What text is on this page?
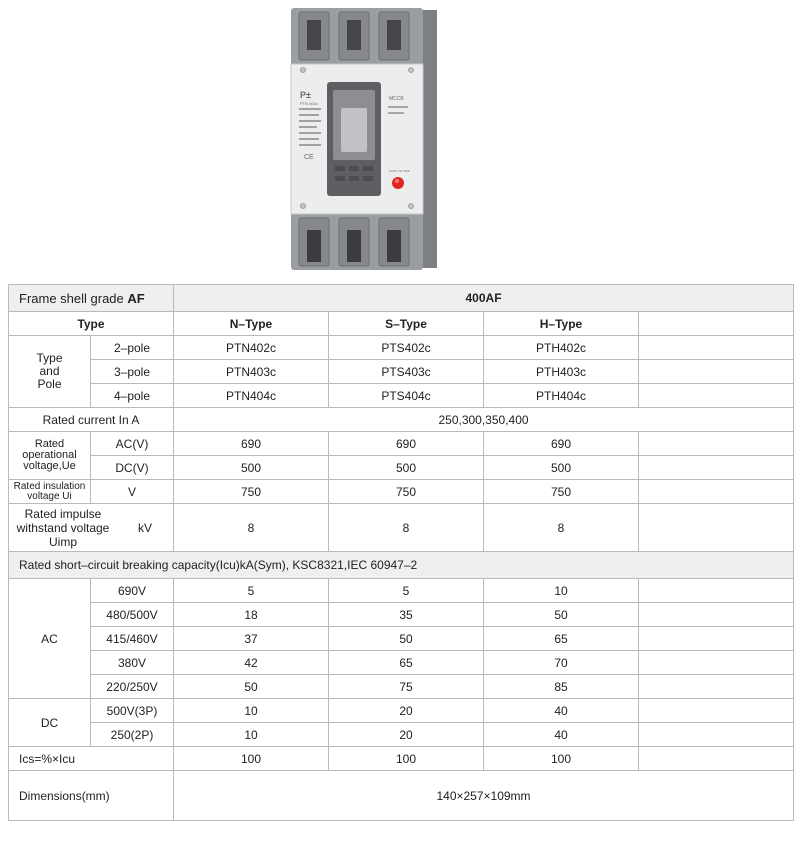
P±
PTN 400c
CE
MCCB
PUSH TO TRIP
Frame shell grade AF		400AF			
Type		N–Type	S–Type	H–Type	
Type
and
Pole	2–pole	PTN402c	PTS402c	PTH402c	
	3–pole	PTN403c	PTS403c	PTH403c	
	4–pole	PTN404c	PTS404c	PTH404c	
Rated current In A		250,300,350,400			
Rated operational voltage,Ue	AC(V)	690	690	690	
	DC(V)	500	500	500	
Rated insulation voltage Ui	V	750	750	750	

Rated impulse withstand voltage Uimp
kV		8	8	8	
Rated short–circuit breaking capacity(Icu)kA(Sym), KSC8321,IEC 60947–2					
AC	690V	5	5	10	
	480/500V	18	35	50	
	415/460V	37	50	65	
	380V	42	65	70	
	220/250V	50	75	85	
DC	500V(3P)	10	20	40	
	250(2P)	10	20	40	
Ics=%×Icu		100	100	100	
Dimensions(mm)		140×257×109mm			
